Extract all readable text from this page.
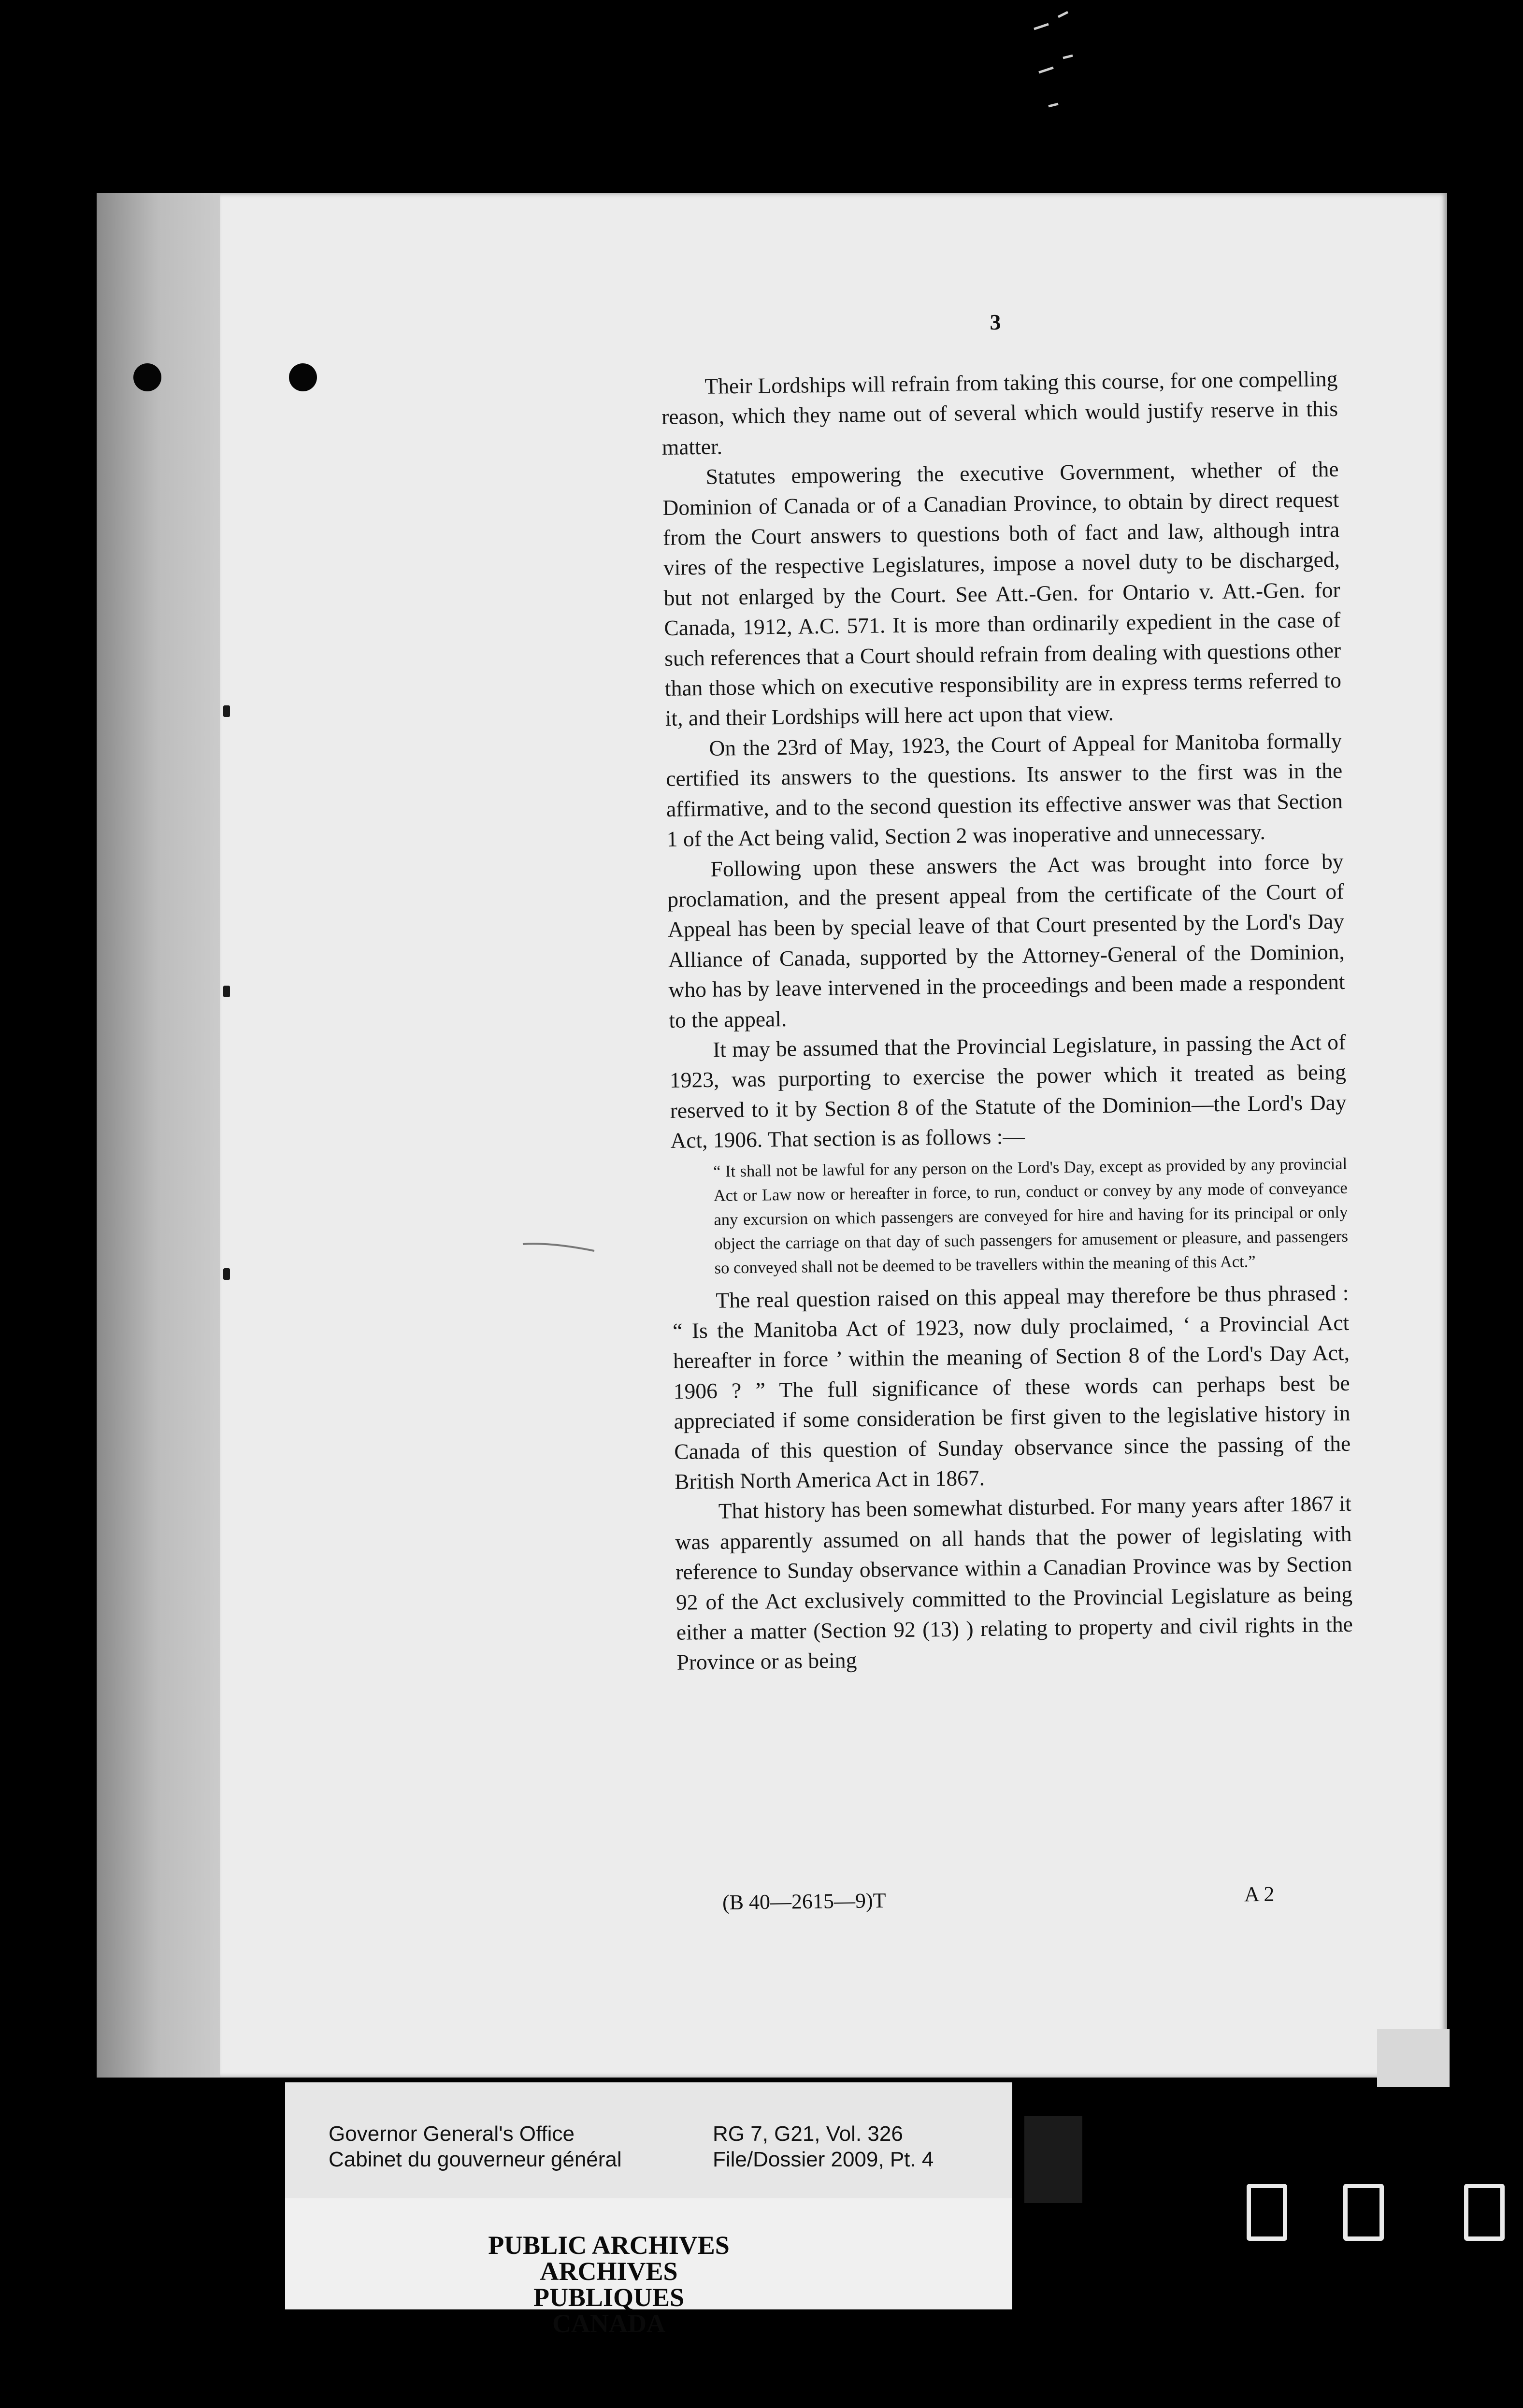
3

Their Lordships will refrain from taking this course, for one compelling reason, which they name out of several which would justify reserve in this matter.

Statutes empowering the executive Government, whether of the Dominion of Canada or of a Canadian Province, to obtain by direct request from the Court answers to questions both of fact and law, although intra vires of the respective Legislatures, impose a novel duty to be discharged, but not enlarged by the Court. See Att.-Gen. for Ontario v. Att.-Gen. for Canada, 1912, A.C. 571. It is more than ordinarily expedient in the case of such references that a Court should refrain from dealing with questions other than those which on executive responsibility are in express terms referred to it, and their Lordships will here act upon that view.

On the 23rd of May, 1923, the Court of Appeal for Manitoba formally certified its answers to the questions. Its answer to the first was in the affirmative, and to the second question its effective answer was that Section 1 of the Act being valid, Section 2 was inoperative and unnecessary.

Following upon these answers the Act was brought into force by proclamation, and the present appeal from the certificate of the Court of Appeal has been by special leave of that Court presented by the Lord's Day Alliance of Canada, supported by the Attorney-General of the Dominion, who has by leave intervened in the proceedings and been made a respondent to the appeal.

It may be assumed that the Provincial Legislature, in passing the Act of 1923, was purporting to exercise the power which it treated as being reserved to it by Section 8 of the Statute of the Dominion—the Lord's Day Act, 1906. That section is as follows :—

“ It shall not be lawful for any person on the Lord's Day, except as provided by any provincial Act or Law now or hereafter in force, to run, conduct or convey by any mode of conveyance any excursion on which passengers are conveyed for hire and having for its principal or only object the carriage on that day of such passengers for amusement or pleasure, and passengers so conveyed shall not be deemed to be travellers within the meaning of this Act.”

The real question raised on this appeal may therefore be thus phrased : “ Is the Manitoba Act of 1923, now duly proclaimed, ‘ a Provincial Act hereafter in force ’ within the meaning of Section 8 of the Lord's Day Act, 1906 ? ” The full significance of these words can perhaps best be appreciated if some consideration be first given to the legislative history in Canada of this question of Sunday observance since the passing of the British North America Act in 1867.

That history has been somewhat disturbed. For many years after 1867 it was apparently assumed on all hands that the power of legislating with reference to Sunday observance within a Canadian Province was by Section 92 of the Act exclusively committed to the Provincial Legislature as being either a matter (Section 92 (13) ) relating to property and civil rights in the Province or as being

(B 40—2615—9)T	A 2
Governor General's Office	RG 7, G21, Vol. 326
Cabinet du gouverneur général	File/Dossier 2009, Pt. 4
PUBLIC ARCHIVES
ARCHIVES PUBLIQUES
CANADA
